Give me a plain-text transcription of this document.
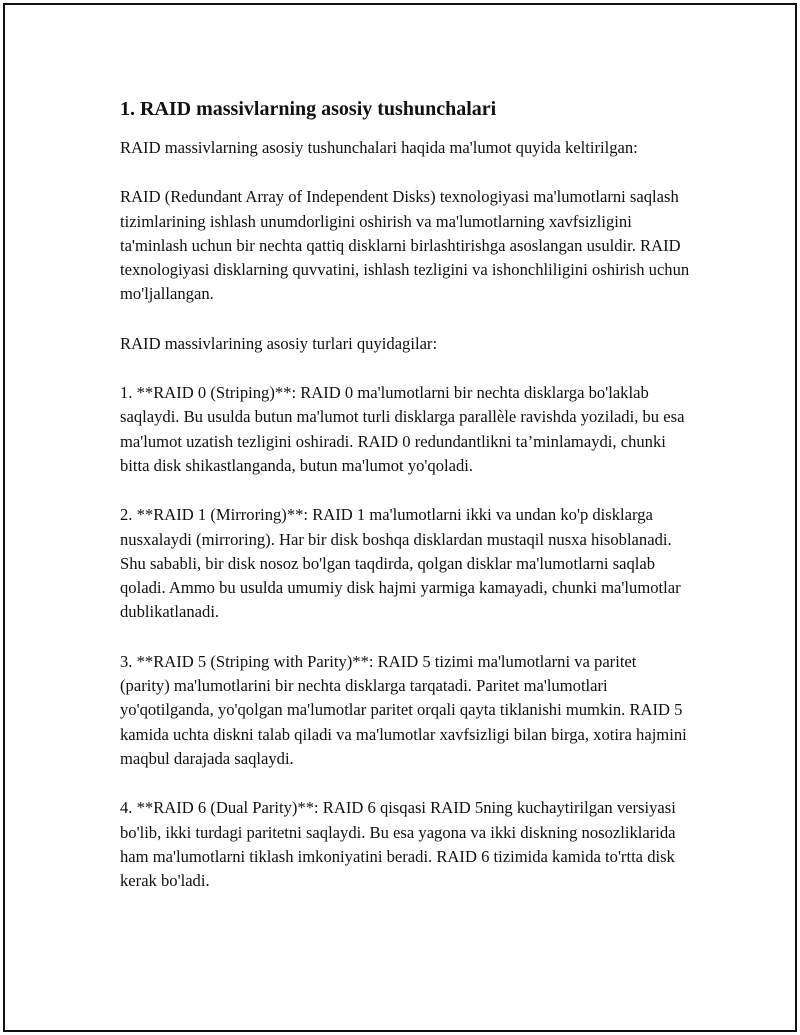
1. RAID massivlarning asosiy tushunchalari

RAID massivlarning asosiy tushunchalari haqida ma'lumot quyida keltirilgan:

RAID (Redundant Array of Independent Disks) texnologiyasi ma'lumotlarni saqlash tizimlarining ishlash unumdorligini oshirish va ma'lumotlarning xavfsizligini ta'minlash uchun bir nechta qattiq disklarni birlashtirishga asoslangan usuldir. RAID texnologiyasi disklarning quvvatini, ishlash tezligini va ishonchliligini oshirish uchun mo'ljallangan.

RAID massivlarining asosiy turlari quyidagilar:

1. **RAID 0 (Striping)**: RAID 0 ma'lumotlarni bir nechta disklarga bo'laklab saqlaydi. Bu usulda butun ma'lumot turli disklarga parallèle ravishda yoziladi, bu esa ma'lumot uzatish tezligini oshiradi. RAID 0 redundantlikni ta’minlamaydi, chunki bitta disk shikastlanganda, butun ma'lumot yo'qoladi.

2. **RAID 1 (Mirroring)**: RAID 1 ma'lumotlarni ikki va undan ko'p disklarga nusxalaydi (mirroring). Har bir disk boshqa disklardan mustaqil nusxa hisoblanadi. Shu sababli, bir disk nosoz bo'lgan taqdirda, qolgan disklar ma'lumotlarni saqlab qoladi. Ammo bu usulda umumiy disk hajmi yarmiga kamayadi, chunki ma'lumotlar dublikatlanadi.

3. **RAID 5 (Striping with Parity)**: RAID 5 tizimi ma'lumotlarni va paritet (parity) ma'lumotlarini bir nechta disklarga tarqatadi. Paritet ma'lumotlari yo'qotilganda, yo'qolgan ma'lumotlar paritet orqali qayta tiklanishi mumkin. RAID 5 kamida uchta diskni talab qiladi va ma'lumotlar xavfsizligi bilan birga, xotira hajmini maqbul darajada saqlaydi.

4. **RAID 6 (Dual Parity)**: RAID 6 qisqasi RAID 5ning kuchaytirilgan versiyasi bo'lib, ikki turdagi paritetni saqlaydi. Bu esa yagona va ikki diskning nosozliklarida ham ma'lumotlarni tiklash imkoniyatini beradi. RAID 6 tizimida kamida to'rtta disk kerak bo'ladi.
